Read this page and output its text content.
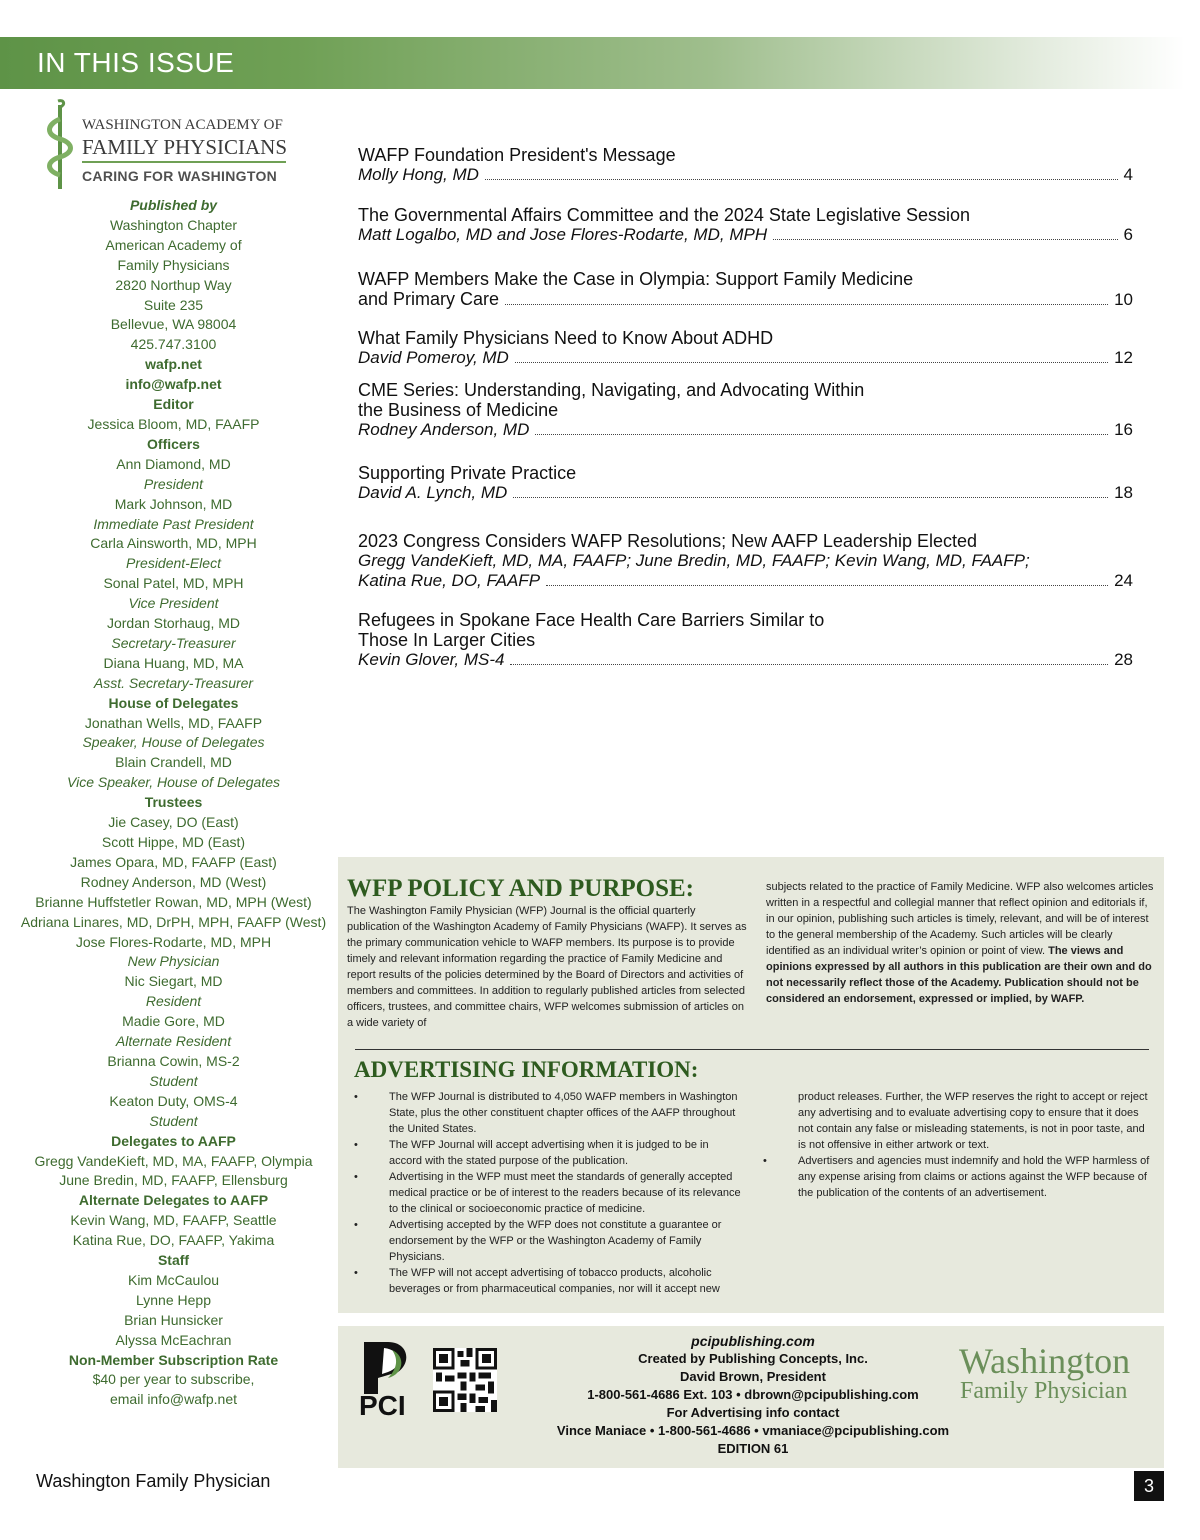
IN THIS ISSUE
WASHINGTON ACADEMY OF
FAMILY PHYSICIANS
CARING FOR WASHINGTON
Published by
Washington Chapter
American Academy of
Family Physicians
2820 Northup Way
Suite 235
Bellevue, WA 98004
425.747.3100
wafp.net
info@wafp.net
Editor
Jessica Bloom, MD, FAAFP
Officers
Ann Diamond, MD
President
Mark Johnson, MD
Immediate Past President
Carla Ainsworth, MD, MPH
President-Elect
Sonal Patel, MD, MPH
Vice President
Jordan Storhaug, MD
Secretary-Treasurer
Diana Huang, MD, MA
Asst. Secretary-Treasurer
House of Delegates
Jonathan Wells, MD, FAAFP
Speaker, House of Delegates
Blain Crandell, MD
Vice Speaker, House of Delegates
Trustees
Jie Casey, DO (East)
Scott Hippe, MD (East)
James Opara, MD, FAAFP (East)
Rodney Anderson, MD (West)
Brianne Huffstetler Rowan, MD, MPH (West)
Adriana Linares, MD, DrPH, MPH, FAAFP (West)
Jose Flores-Rodarte, MD, MPH
New Physician
Nic Siegart, MD
Resident
Madie Gore, MD
Alternate Resident
Brianna Cowin, MS-2
Student
Keaton Duty, OMS-4
Student
Delegates to AAFP
Gregg VandeKieft, MD, MA, FAAFP, Olympia
June Bredin, MD, FAAFP, Ellensburg
Alternate Delegates to AAFP
Kevin Wang, MD, FAAFP, Seattle
Katina Rue, DO, FAAFP, Yakima
Staff
Kim McCaulou
Lynne Hepp
Brian Hunsicker
Alyssa McEachran
Non-Member Subscription Rate
$40 per year to subscribe,
email info@wafp.net
WAFP Foundation President's Message
Molly Hong, MD	4
The Governmental Affairs Committee and the 2024 State Legislative Session
Matt Logalbo, MD and Jose Flores-Rodarte, MD, MPH	6
WAFP Members Make the Case in Olympia: Support Family Medicine
and Primary Care	10
What Family Physicians Need to Know About ADHD
David Pomeroy, MD	12
CME Series: Understanding, Navigating, and Advocating Within
the Business of Medicine
Rodney Anderson, MD	16
Supporting Private Practice
David A. Lynch, MD	18
2023 Congress Considers WAFP Resolutions; New AAFP Leadership Elected
Gregg VandeKieft, MD, MA, FAAFP; June Bredin, MD, FAAFP; Kevin Wang, MD, FAAFP;
Katina Rue, DO, FAAFP	24
Refugees in Spokane Face Health Care Barriers Similar to
Those In Larger Cities
Kevin Glover, MS-4	28
WFP POLICY AND PURPOSE:
The Washington Family Physician (WFP) Journal is the official quarterly publication of the Washington Academy of Family Physicians (WAFP). It serves as the primary communication vehicle to WAFP members. Its purpose is to provide timely and relevant information regarding the practice of Family Medicine and report results of the policies determined by the Board of Directors and activities of members and committees. In addition to regularly published articles from selected officers, trustees, and committee chairs, WFP welcomes submission of articles on a wide variety of
subjects related to the practice of Family Medicine. WFP also welcomes articles written in a respectful and collegial manner that reflect opinion and editorials if, in our opinion, publishing such articles is timely, relevant, and will be of interest to the general membership of the Academy. Such articles will be clearly identified as an individual writer’s opinion or point of view. The views and opinions expressed by all authors in this publication are their own and do not necessarily reflect those of the Academy. Publication should not be considered an endorsement, expressed or implied, by WAFP.
ADVERTISING INFORMATION:
•	The WFP Journal is distributed to 4,050 WAFP members in Washington State, plus the other constituent chapter offices of the AAFP throughout the United States.
•	The WFP Journal will accept advertising when it is judged to be in accord with the stated purpose of the publication.
•	Advertising in the WFP must meet the standards of generally accepted medical practice or be of interest to the readers because of its relevance to the clinical or socioeconomic practice of medicine.
•	Advertising accepted by the WFP does not constitute a guarantee or endorsement by the WFP or the Washington Academy of Family Physicians.
•	The WFP will not accept advertising of tobacco products, alcoholic beverages or from pharmaceutical companies, nor will it accept new
product releases. Further, the WFP reserves the right to accept or reject any advertising and to evaluate advertising copy to ensure that it does not contain any false or misleading statements, is not in poor taste, and is not offensive in either artwork or text.
•	Advertisers and agencies must indemnify and hold the WFP harmless of any expense arising from claims or actions against the WFP because of the publication of the contents of an advertisement.
PCI
pcipublishing.com
Created by Publishing Concepts, Inc.
David Brown, President
1-800-561-4686 Ext. 103 • dbrown@pcipublishing.com
For Advertising info contact
Vince Maniace • 1-800-561-4686 • vmaniace@pcipublishing.com
EDITION 61
Washington
Family Physician
Washington Family Physician	3
